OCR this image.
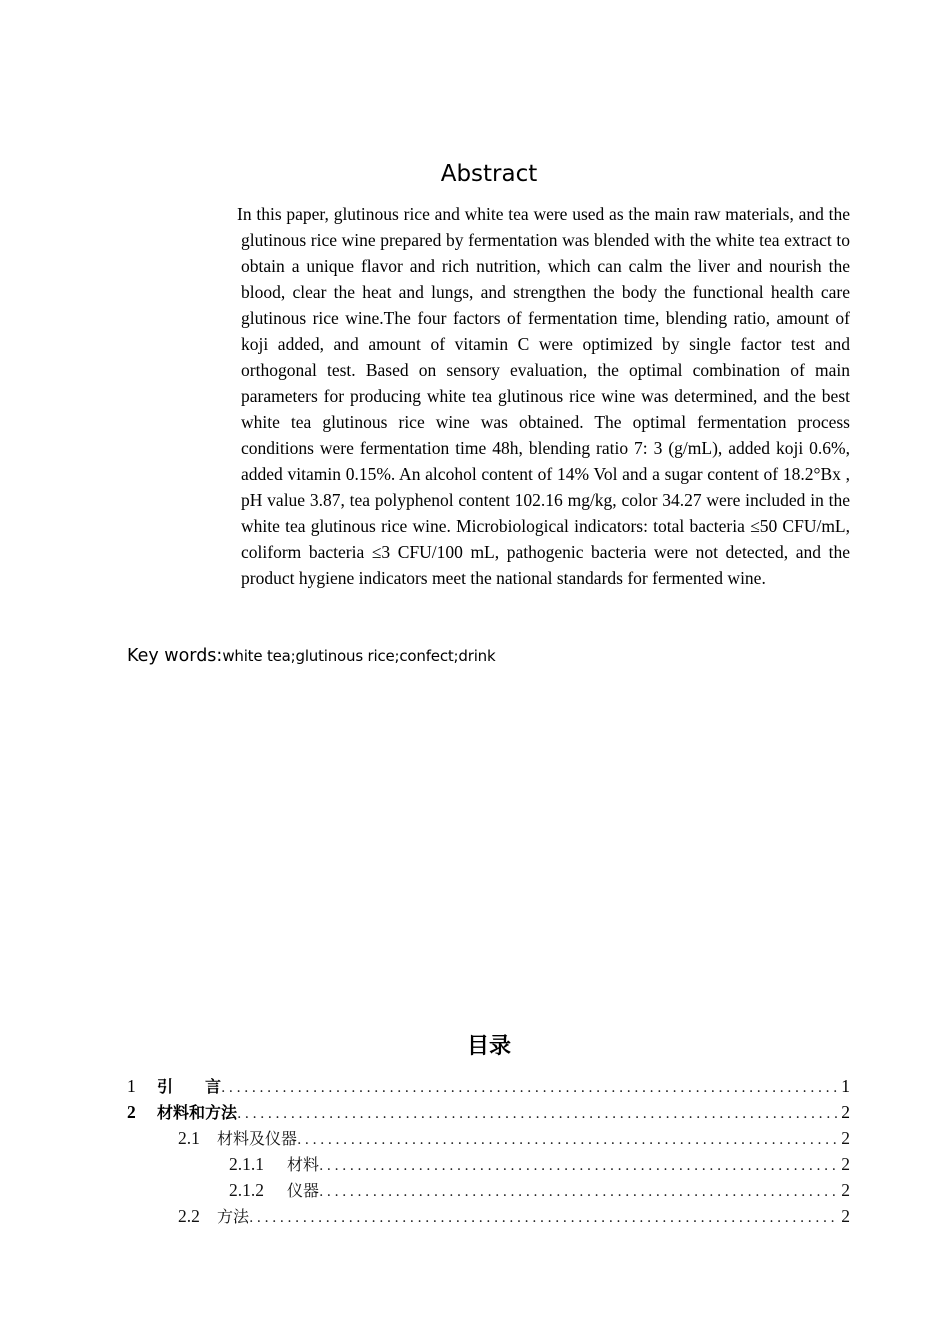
Abstract

In this paper, glutinous rice and white tea were used as the main raw materials, and the glutinous rice wine prepared by fermentation was blended with the white tea extract to obtain a unique flavor and rich nutrition, which can calm the liver and nourish the blood, clear the heat and lungs, and strengthen the body the functional health care glutinous rice wine.The four factors of fermentation time, blending ratio, amount of koji added, and amount of vitamin C were optimized by single factor test and orthogonal test. Based on sensory evaluation, the optimal combination of main parameters for producing white tea glutinous rice wine was determined, and the best white tea glutinous rice wine was obtained. The optimal fermentation process conditions were fermentation time 48h, blending ratio 7: 3 (g/mL), added koji 0.6%, added vitamin 0.15%. An alcohol content of 14% Vol and a sugar content of 18.2°Bx , pH value 3.87, tea polyphenol content 102.16 mg/kg, color 34.27 were included in the white tea glutinous rice wine. Microbiological indicators: total bacteria ≤50 CFU/mL, coliform bacteria ≤3 CFU/100 mL, pathogenic bacteria were not detected, and the product hygiene indicators meet the national standards for fermented wine.

Key words:white tea;glutinous rice;confect;drink
目录
1	引　　言 .....	1
2	材料和方法 .....	2
2.1	材料及仪器 .....	2
2.1.1	材料 .....	2
2.1.2	仪器 .....	2
2.2	方法 .....	2
